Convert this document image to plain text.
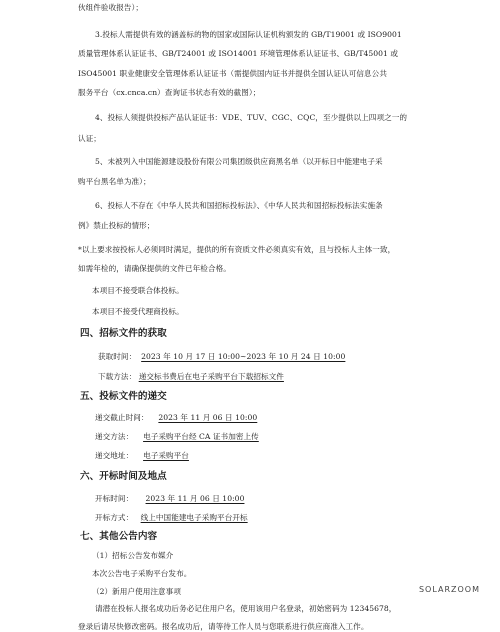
伙组件验收报告）；
3.投标人需提供有效的涵盖标的物的国家或国际认证机构颁发的 GB/T19001 或 ISO9001
质量管理体系认证证书、GB/T24001 或 ISO14001 环境管理体系认证证书、GB/T45001 或
ISO45001 职业健康安全管理体系认证证书（需提供国内证书并提供全国认证认可信息公共
服务平台（cx.cnca.cn）查询证书状态有效的截图）；
4、投标人须提供投标产品认证证书：VDE、TUV、CGC、CQC，至少提供以上四项之一的
认证；
5、未被列入中国能源建设股份有限公司集团级供应商黑名单（以开标日中能建电子采
购平台黑名单为准）；
6、投标人不存在《中华人民共和国招标投标法》、《中华人民共和国招标投标法实施条
例》禁止投标的情形；
*以上要求按投标人必须同时满足，提供的所有资质文件必须真实有效，且与投标人主体一致，
如需年检的，请确保提供的文件已年检合格。
本项目不接受联合体投标。
本项目不接受代理商投标。
四、招标文件的获取
获取时间： 2023 年 10 月 17 日 10:00~2023 年 10 月 24 日 10:00
下载方法： 递交标书费后在电子采购平台下载招标文件
五、投标文件的递交
递交截止时间： 2023 年 11 月 06 日 10:00
递交方法： 电子采购平台经 CA 证书加密上传
递交地址： 电子采购平台
六、开标时间及地点
开标时间： 2023 年 11 月 06 日 10:00
开标方式： 线上中国能建电子采购平台开标
七、其他公告内容
（1）招标公告发布媒介
本次公告电子采购平台发布。
（2）新用户使用注意事项
请潜在投标人报名成功后务必记住用户名，使用该用户名登录，初始密码为 12345678，
登录后请尽快修改密码。报名成功后，请等待工作人员与您联系进行供应商准入工作。
SOLARZOOM
